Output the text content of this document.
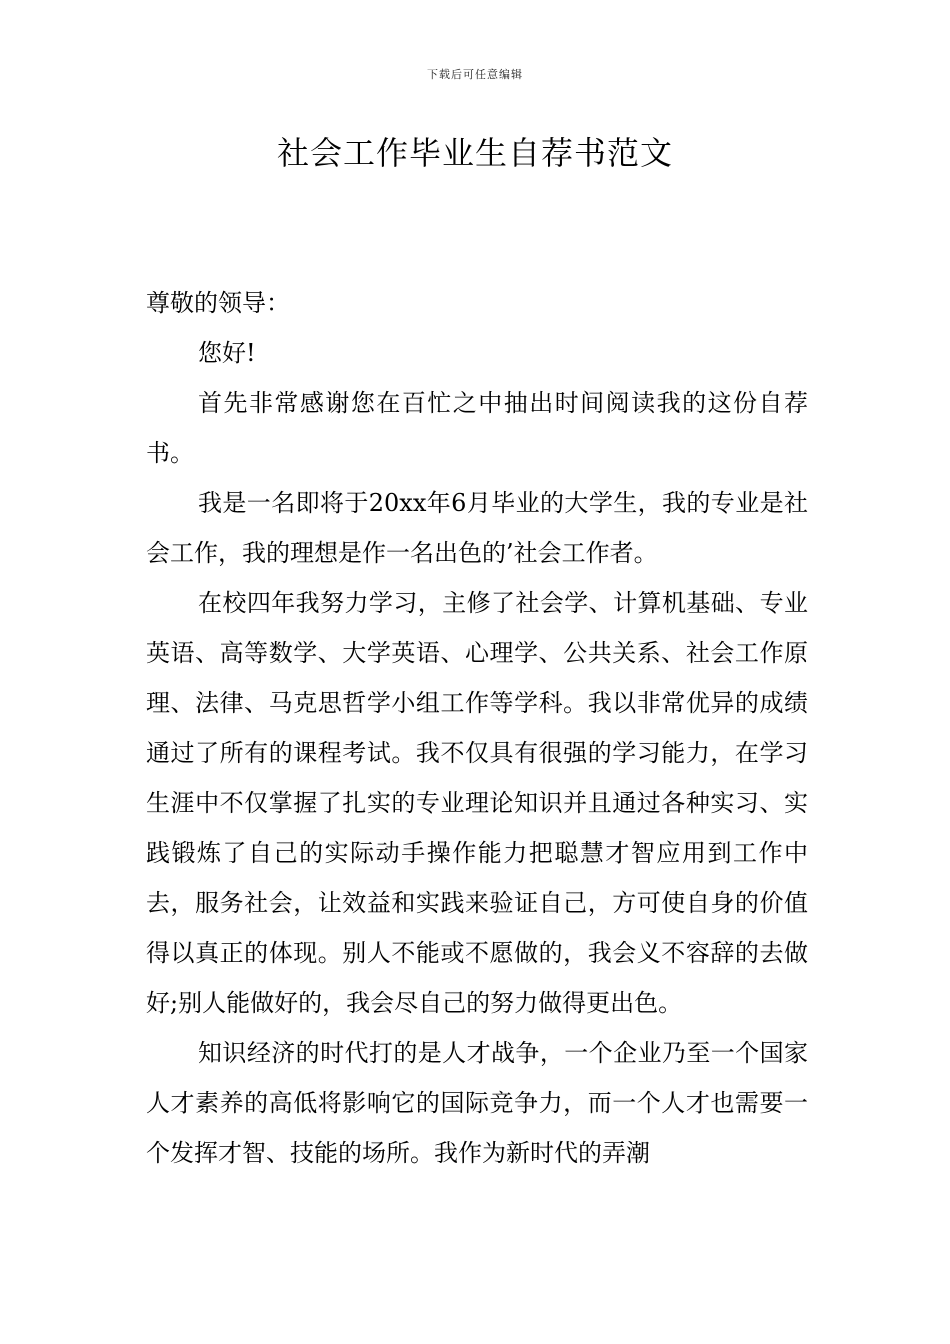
下载后可任意编辑
社会工作毕业生自荐书范文

尊敬的领导：

您好!

首先非常感谢您在百忙之中抽出时间阅读我的这份自荐书。

我是一名即将于20xx年6月毕业的大学生，我的专业是社会工作，我的理想是作一名出色的’社会工作者。

在校四年我努力学习，主修了社会学、计算机基础、专业英语、高等数学、大学英语、心理学、公共关系、社会工作原理、法律、马克思哲学小组工作等学科。我以非常优异的成绩通过了所有的课程考试。我不仅具有很强的学习能力，在学习生涯中不仅掌握了扎实的专业理论知识并且通过各种实习、实践锻炼了自己的实际动手操作能力把聪慧才智应用到工作中去，服务社会，让效益和实践来验证自己，方可使自身的价值得以真正的体现。别人不能或不愿做的，我会义不容辞的去做好;别人能做好的，我会尽自己的努力做得更出色。

知识经济的时代打的是人才战争，一个企业乃至一个国家人才素养的高低将影响它的国际竞争力，而一个人才也需要一个发挥才智、技能的场所。我作为新时代的弄潮
